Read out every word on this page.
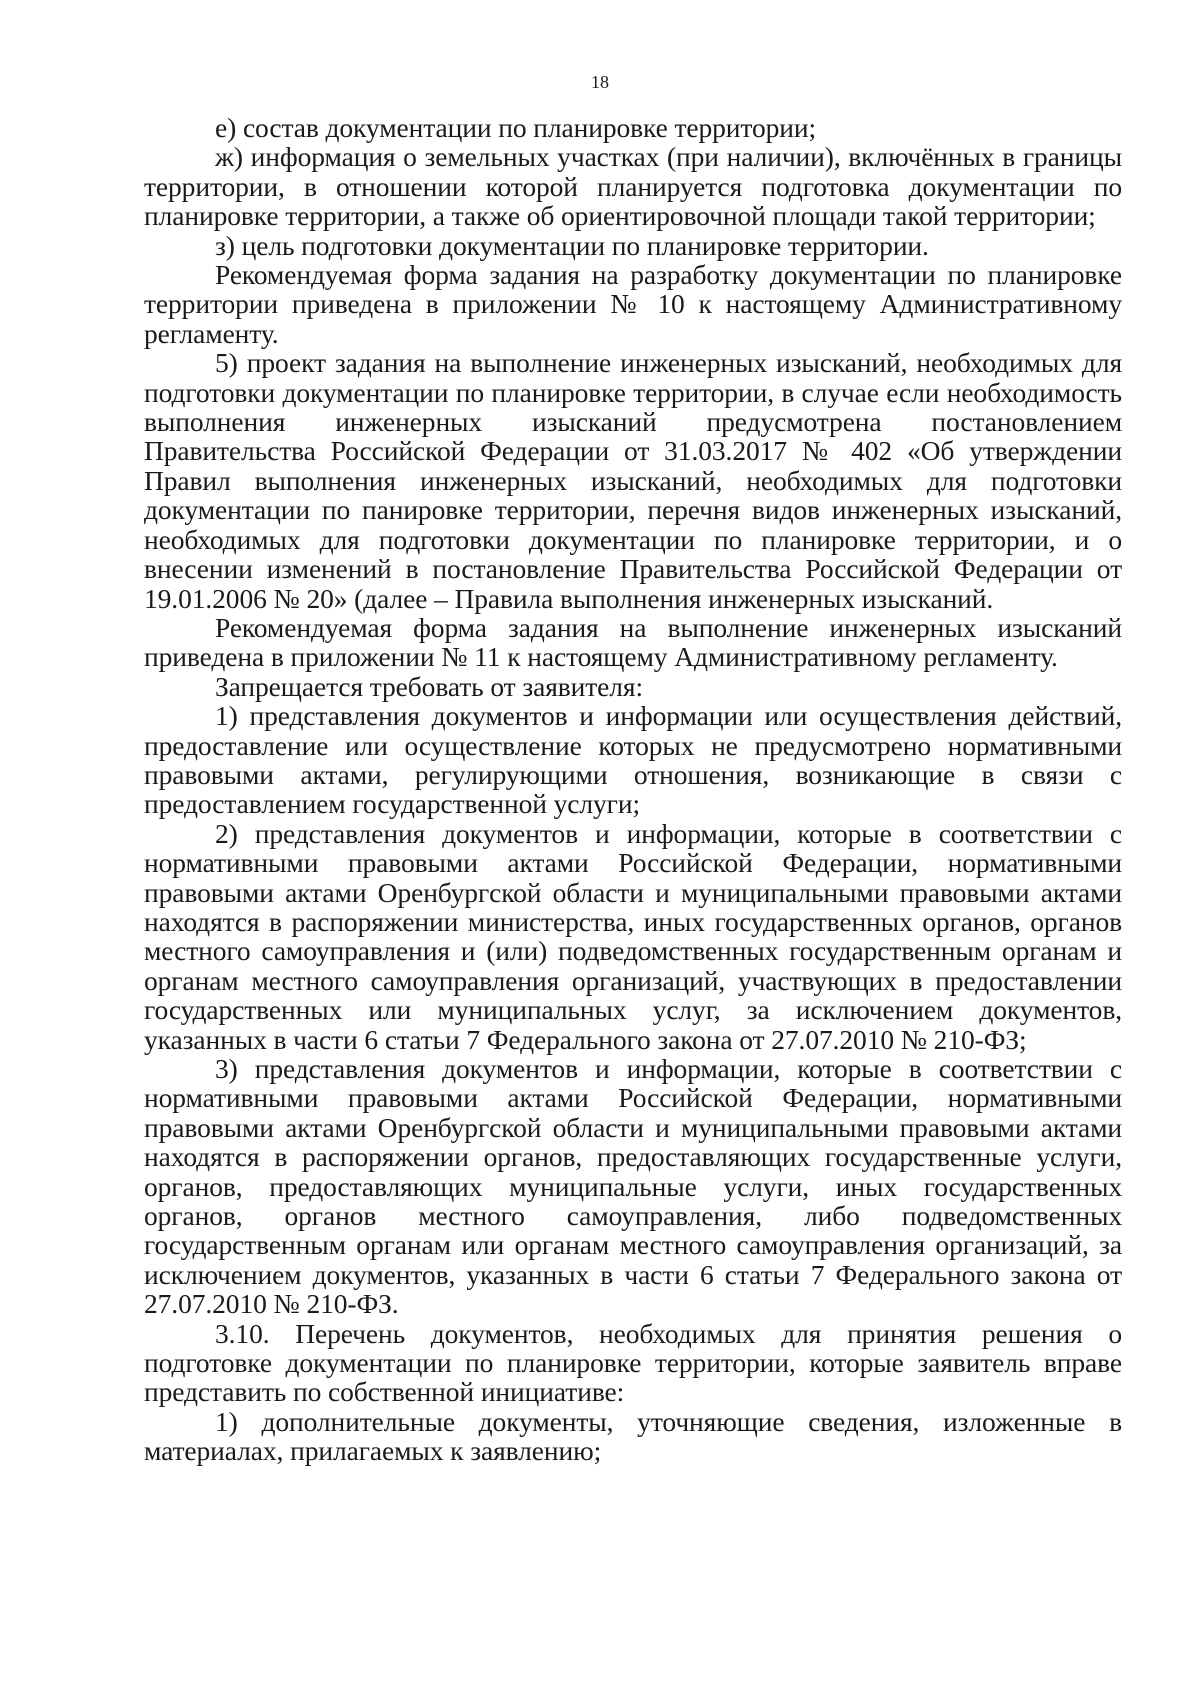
18

е) состав документации по планировке территории;

ж) информация о земельных участках (при наличии), включённых в границы территории, в отношении которой планируется подготовка документации по планировке территории, а также об ориентировочной площади такой территории;

з) цель подготовки документации по планировке территории.

Рекомендуемая форма задания на разработку документации по планировке территории приведена в приложении № 10 к настоящему Административному регламенту.

5) проект задания на выполнение инженерных изысканий, необходимых для подготовки документации по планировке территории, в случае если необходимость выполнения инженерных изысканий предусмотрена постановлением Правительства Российской Федерации от 31.03.2017 № 402 «Об утверждении Правил выполнения инженерных изысканий, необходимых для подготовки документации по панировке территории, перечня видов инженерных изысканий, необходимых для подготовки документации по планировке территории, и о внесении изменений в постановление Правительства Российской Федерации от 19.01.2006 № 20» (далее – Правила выполнения инженерных изысканий.

Рекомендуемая форма задания на выполнение инженерных изысканий приведена в приложении № 11 к настоящему Административному регламенту.

Запрещается требовать от заявителя:

1) представления документов и информации или осуществления действий, предоставление или осуществление которых не предусмотрено нормативными правовыми актами, регулирующими отношения, возникающие в связи с предоставлением государственной услуги;

2) представления документов и информации, которые в соответствии с нормативными правовыми актами Российской Федерации, нормативными правовыми актами Оренбургской области и муниципальными правовыми актами находятся в распоряжении министерства, иных государственных органов, органов местного самоуправления и (или) подведомственных государственным органам и органам местного самоуправления организаций, участвующих в предоставлении государственных или муниципальных услуг, за исключением документов, указанных в части 6 статьи 7 Федерального закона от 27.07.2010 № 210-ФЗ;

3) представления документов и информации, которые в соответствии с нормативными правовыми актами Российской Федерации, нормативными правовыми актами Оренбургской области и муниципальными правовыми актами находятся в распоряжении органов, предоставляющих государственные услуги, органов, предоставляющих муниципальные услуги, иных государственных органов, органов местного самоуправления, либо подведомственных государственным органам или органам местного самоуправления организаций, за исключением документов, указанных в части 6 статьи 7 Федерального закона от 27.07.2010 № 210-ФЗ.

3.10. Перечень документов, необходимых для принятия решения о подготовке документации по планировке территории, которые заявитель вправе представить по собственной инициативе:

1) дополнительные документы, уточняющие сведения, изложенные в материалах, прилагаемых к заявлению;
